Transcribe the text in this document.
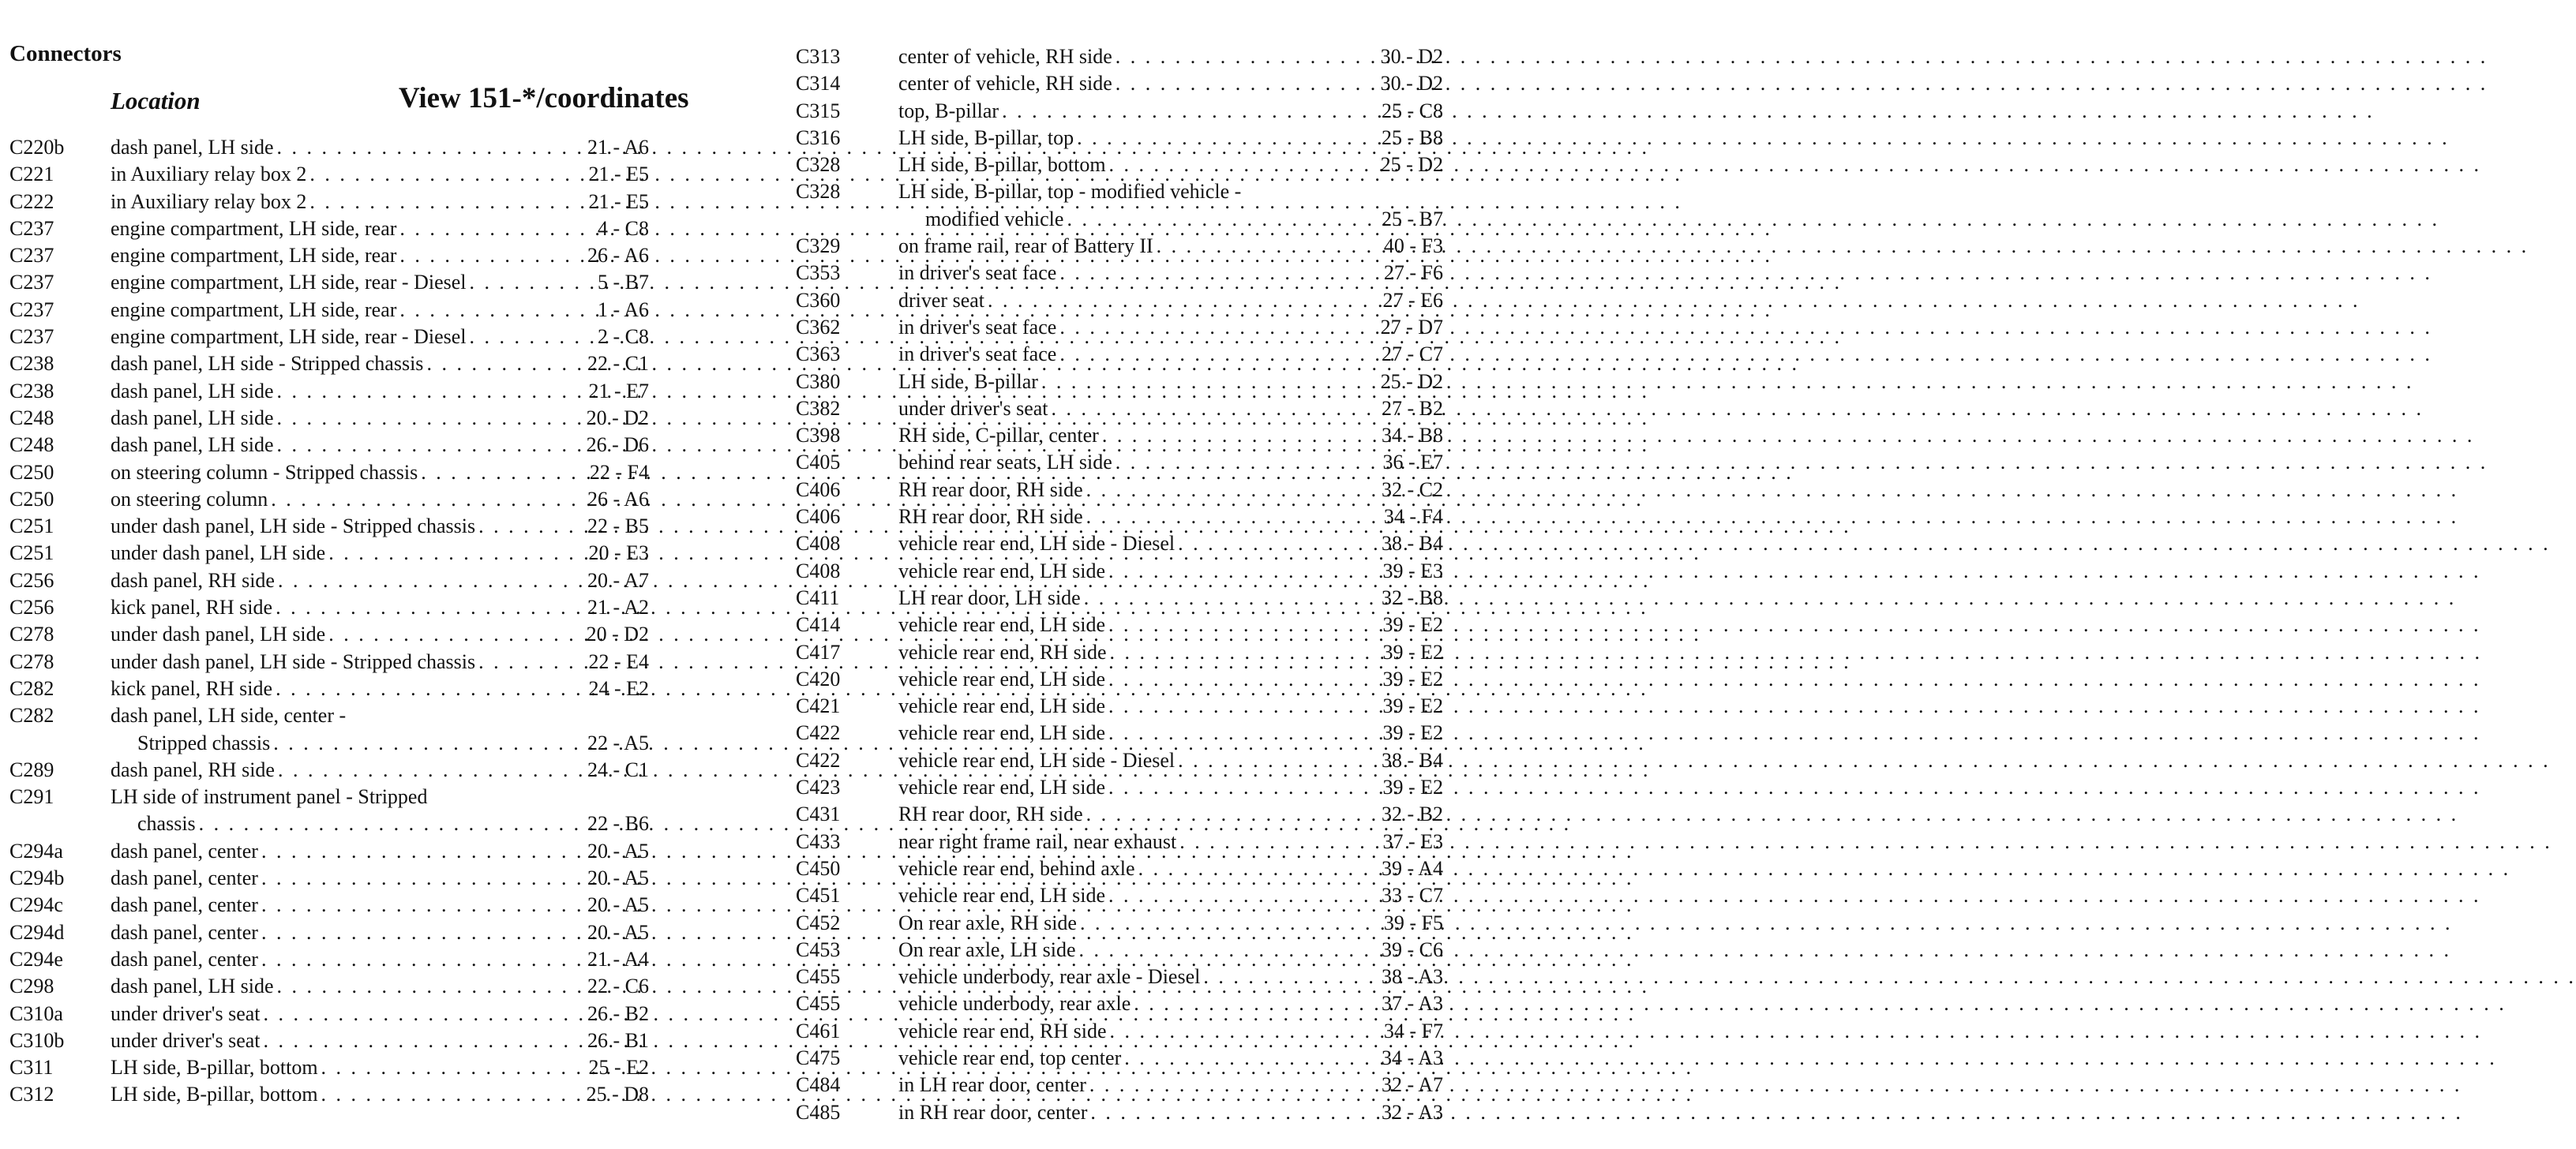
Connectors
Location	View 151-*/coordinates
C220b	dash panel, LH side . . .	21 - A6
C221	in Auxiliary relay box 2 . . .	21 - E5
C222	in Auxiliary relay box 2 . . .	21 - E5
C237	engine compartment, LH side, rear . . .	4 - C8
C237	engine compartment, LH side, rear . . .	26 - A6
C237	engine compartment, LH side, rear - Diesel . . .	5 - B7
C237	engine compartment, LH side, rear . . .	1 - A6
C237	engine compartment, LH side, rear - Diesel . . .	2 - C8
C238	dash panel, LH side - Stripped chassis . . .	22 - C1
C238	dash panel, LH side . . .	21 - E7
C248	dash panel, LH side . . .	20 - D2
C248	dash panel, LH side . . .	26 - D6
C250	on steering column - Stripped chassis . . .	22 - F4
C250	on steering column . . .	26 - A6
C251	under dash panel, LH side - Stripped chassis . . .	22 - B5
C251	under dash panel, LH side . . .	20 - E3
C256	dash panel, RH side . . .	20 - A7
C256	kick panel, RH side . . .	21 - A2
C278	under dash panel, LH side . . .	20 - D2
C278	under dash panel, LH side - Stripped chassis . . .	22 - E4
C282	kick panel, RH side . . .	24 - E2
C282	dash panel, LH side, center -
Stripped chassis . . .	22 - A5
C289	dash panel, RH side . . .	24 - C1
C291	LH side of instrument panel - Stripped
chassis . . .	22 - B6
C294a	dash panel, center . . .	20 - A5
C294b	dash panel, center . . .	20 - A5
C294c	dash panel, center . . .	20 - A5
C294d	dash panel, center . . .	20 - A5
C294e	dash panel, center . . .	21 - A4
C298	dash panel, LH side . . .	22 - C6
C310a	under driver's seat . . .	26 - B2
C310b	under driver's seat . . .	26 - B1
C311	LH side, B-pillar, bottom . . .	25 - E2
C312	LH side, B-pillar, bottom . . .	25 - D8
C313	center of vehicle, RH side . . .	30 - D2
C314	center of vehicle, RH side . . .	30 - D2
C315	top, B-pillar . . .	25 - C8
C316	LH side, B-pillar, top . . .	25 - B8
C328	LH side, B-pillar, bottom . . .	25 - D2
C328	LH side, B-pillar, top - modified vehicle -
modified vehicle . . .	25 - B7
C329	on frame rail, rear of Battery II . . .	40 - F3
C353	in driver's seat face . . .	27 - F6
C360	driver seat . . .	27 - E6
C362	in driver's seat face . . .	27 - D7
C363	in driver's seat face . . .	27 - C7
C380	LH side, B-pillar . . .	25 - D2
C382	under driver's seat . . .	27 - B2
C398	RH side, C-pillar, center . . .	34 - B8
C405	behind rear seats, LH side . . .	36 - E7
C406	RH rear door, RH side . . .	32 - C2
C406	RH rear door, RH side . . .	34 - F4
C408	vehicle rear end, LH side - Diesel . . .	38 - B4
C408	vehicle rear end, LH side . . .	39 - E3
C411	LH rear door, LH side . . .	32 - B8
C414	vehicle rear end, LH side . . .	39 - E2
C417	vehicle rear end, RH side . . .	39 - E2
C420	vehicle rear end, LH side . . .	39 - E2
C421	vehicle rear end, LH side . . .	39 - E2
C422	vehicle rear end, LH side . . .	39 - E2
C422	vehicle rear end, LH side - Diesel . . .	38 - B4
C423	vehicle rear end, LH side . . .	39 - E2
C431	RH rear door, RH side . . .	32 - B2
C433	near right frame rail, near exhaust . . .	37 - E3
C450	vehicle rear end, behind axle . . .	39 - A4
C451	vehicle rear end, LH side . . .	33 - C7
C452	On rear axle, RH side . . .	39 - F5
C453	On rear axle, LH side . . .	39 - C6
C455	vehicle underbody, rear axle - Diesel . . .	38 - A3
C455	vehicle underbody, rear axle . . .	37 - A3
C461	vehicle rear end, RH side . . .	34 - F7
C475	vehicle rear end, top center . . .	34 - A3
C484	in LH rear door, center . . .	32 - A7
C485	in RH rear door, center . . .	32 - A3
